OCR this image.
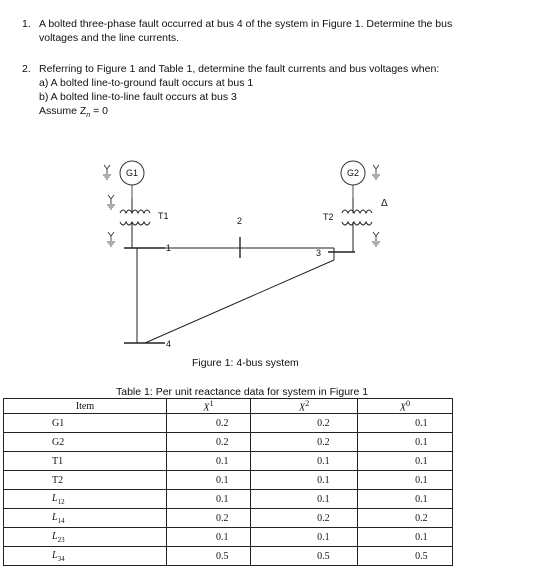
1. A bolted three-phase fault occurred at bus 4 of the system in Figure 1. Determine the bus voltages and the line currents.
2. Referring to Figure 1 and Table 1, determine the fault currents and bus voltages when:
a) A bolted line-to-ground fault occurs at bus 1
b) A bolted line-to-line fault occurs at bus 3
Assume $Z_n = 0$
G1
T1
1
4
2
3
G2
Δ
T2
Figure 1: 4-bus system
Table 1: Per unit reactance data for system in Figure 1
Item	$X^1$	$X^2$	$X^0$
G1	0.2	0.2	0.1
G2	0.2	0.2	0.1
T1	0.1	0.1	0.1
T2	0.1	0.1	0.1
$L_{12}$	0.1	0.1	0.1
$L_{14}$	0.2	0.2	0.2
$L_{23}$	0.1	0.1	0.1
$L_{34}$	0.5	0.5	0.5
